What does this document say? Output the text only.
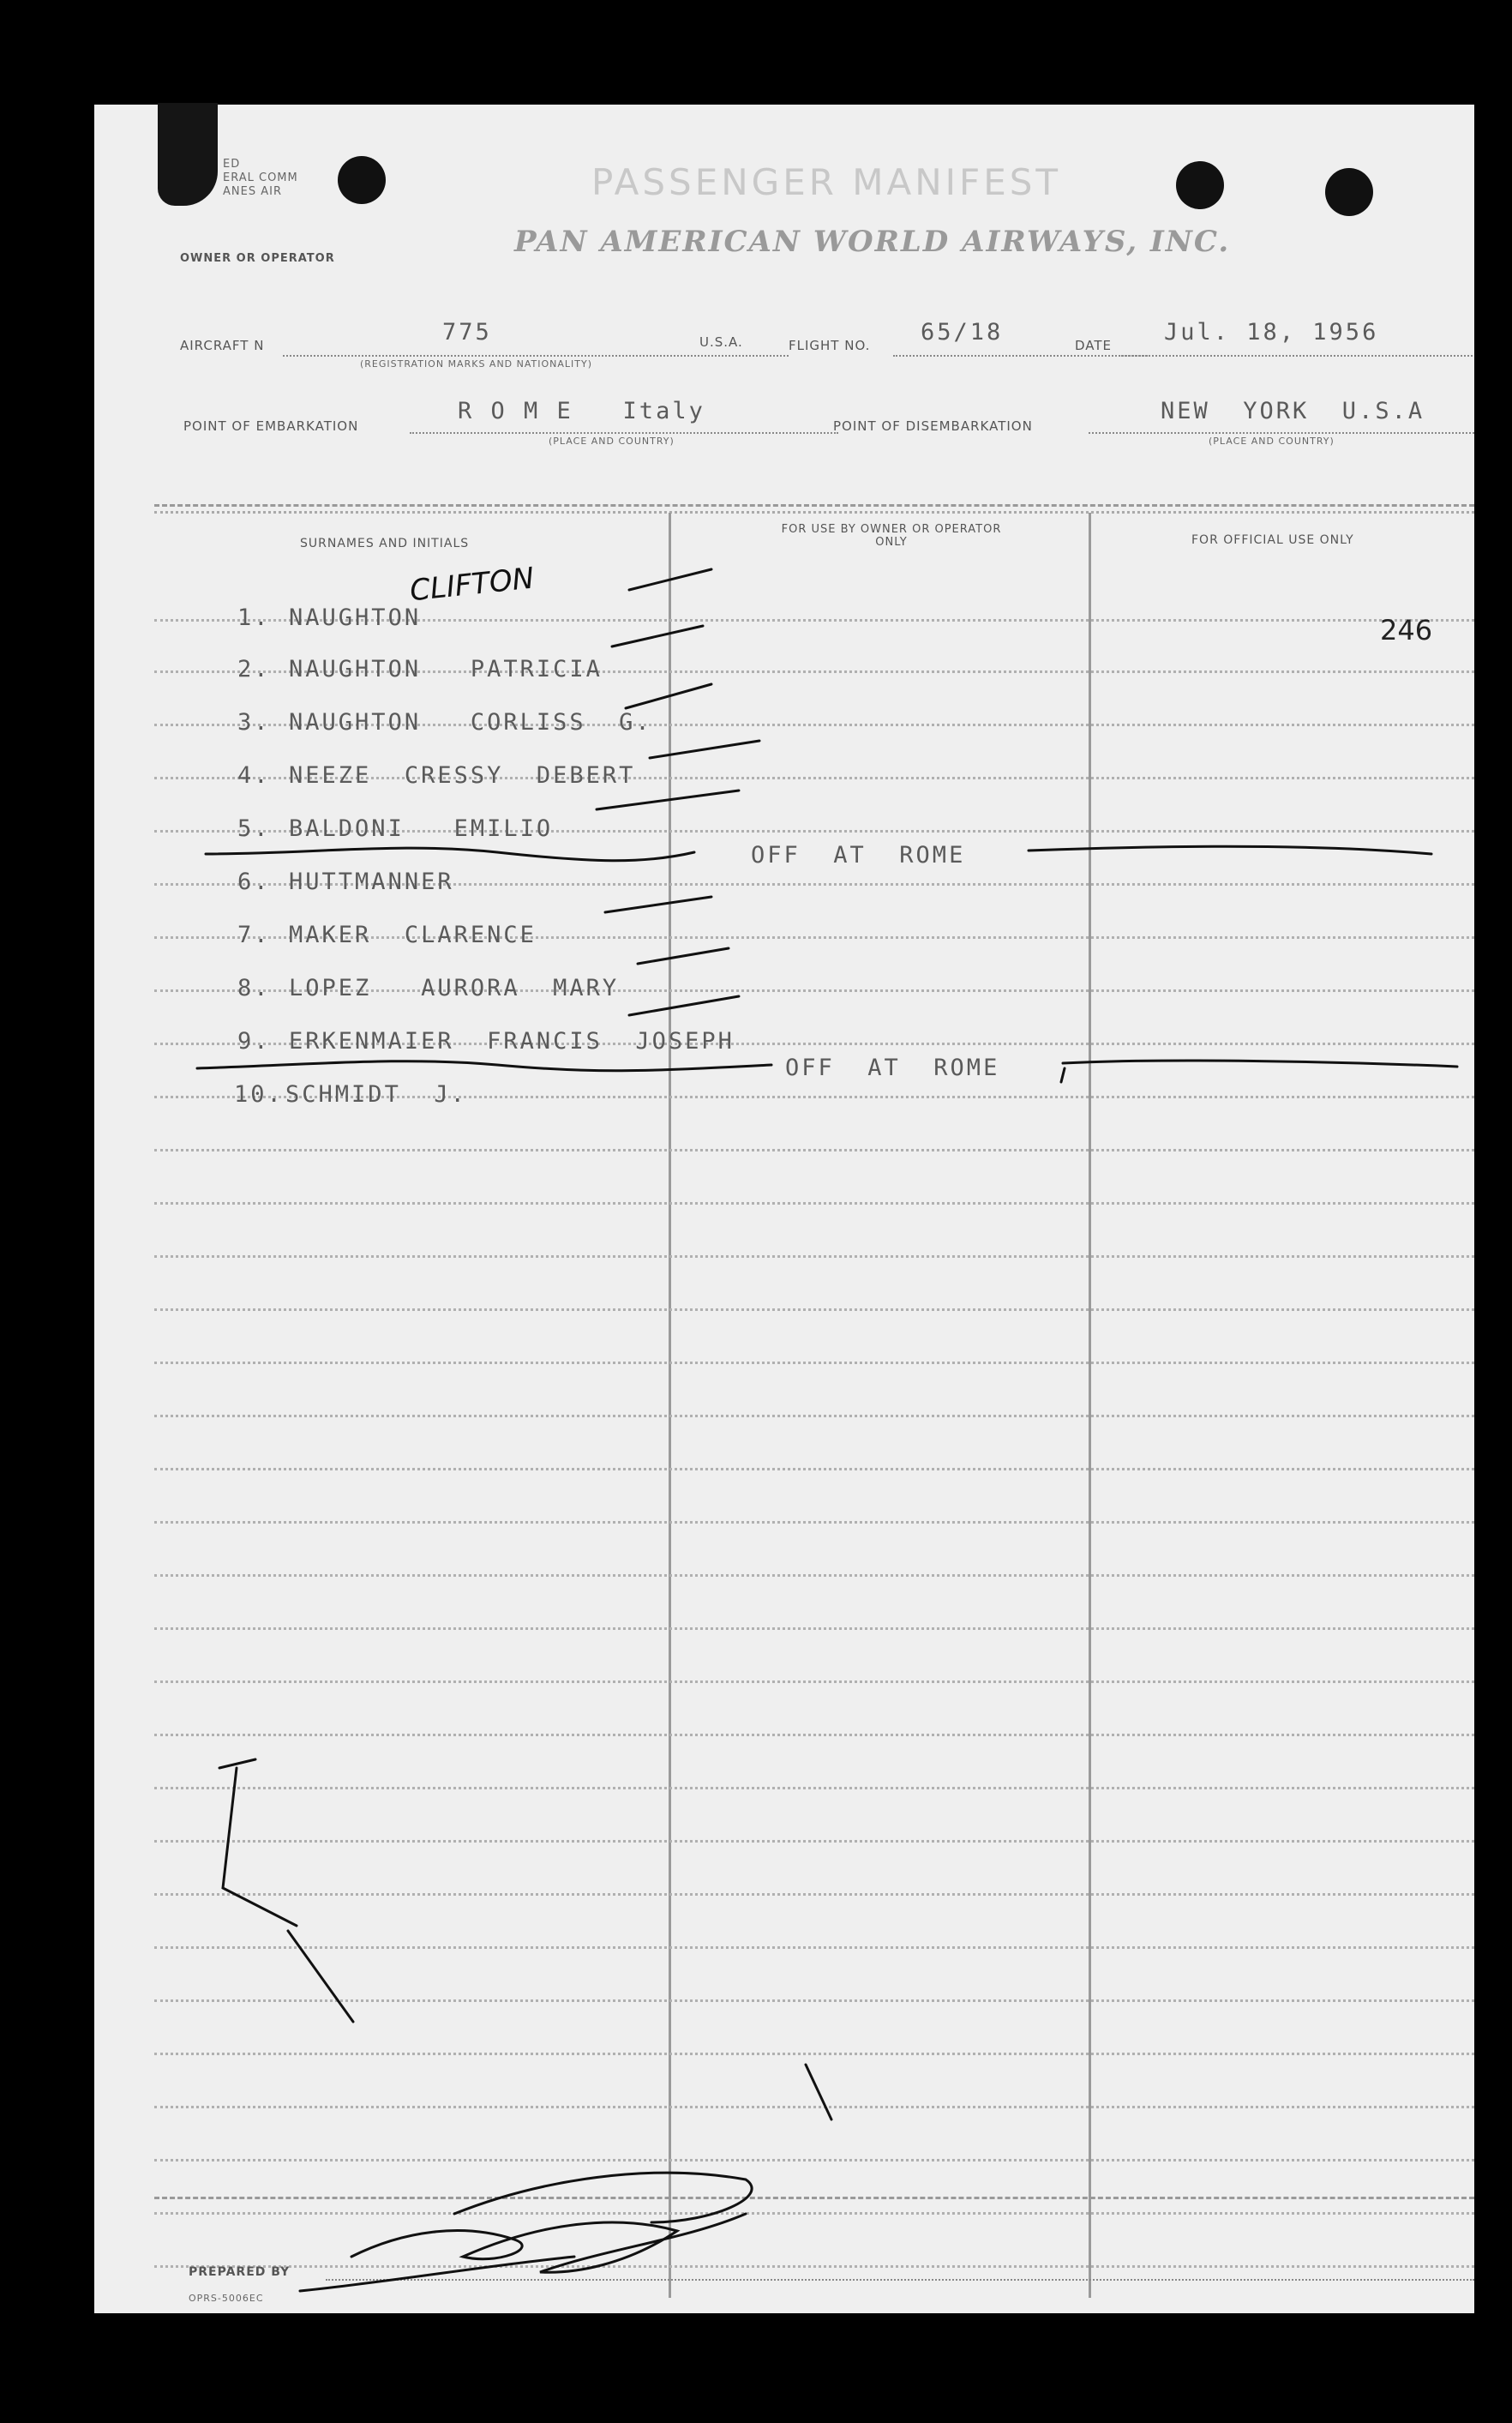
ED
ERAL COMM
ANES AIR
OWNER OR OPERATOR
PASSENGER MANIFEST
PAN AMERICAN WORLD AIRWAYS, INC.
AIRCRAFT N	775
(REGISTRATION MARKS AND NATIONALITY)
U.S.A.	FLIGHT NO. 65/18	DATE Jul. 18, 1956
POINT OF EMBARKATION
R O M E   Italy
(PLACE AND COUNTRY)
POINT OF DISEMBARKATION
NEW  YORK  U.S.A
(PLACE AND COUNTRY)
SURNAMES AND INITIALS
FOR USE BY OWNER OR OPERATOR ONLY	FOR OFFICIAL USE ONLY

1. NAUGHTON

2. NAUGHTON   PATRICIA

3. NAUGHTON   CORLISS  G.

4. NEEZE  CRESSY  DEBERT

5. BALDONI   EMILIO

6. HUTTMANNER

OFF  AT  ROME

7. MAKER  CLARENCE

8. LOPEZ   AURORA  MARY

9. ERKENMAIER  FRANCIS  JOSEPH

10.SCHMIDT  J.

OFF  AT  ROME
CLIFTON
246
PREPARED BY
OPRS-5006EC
